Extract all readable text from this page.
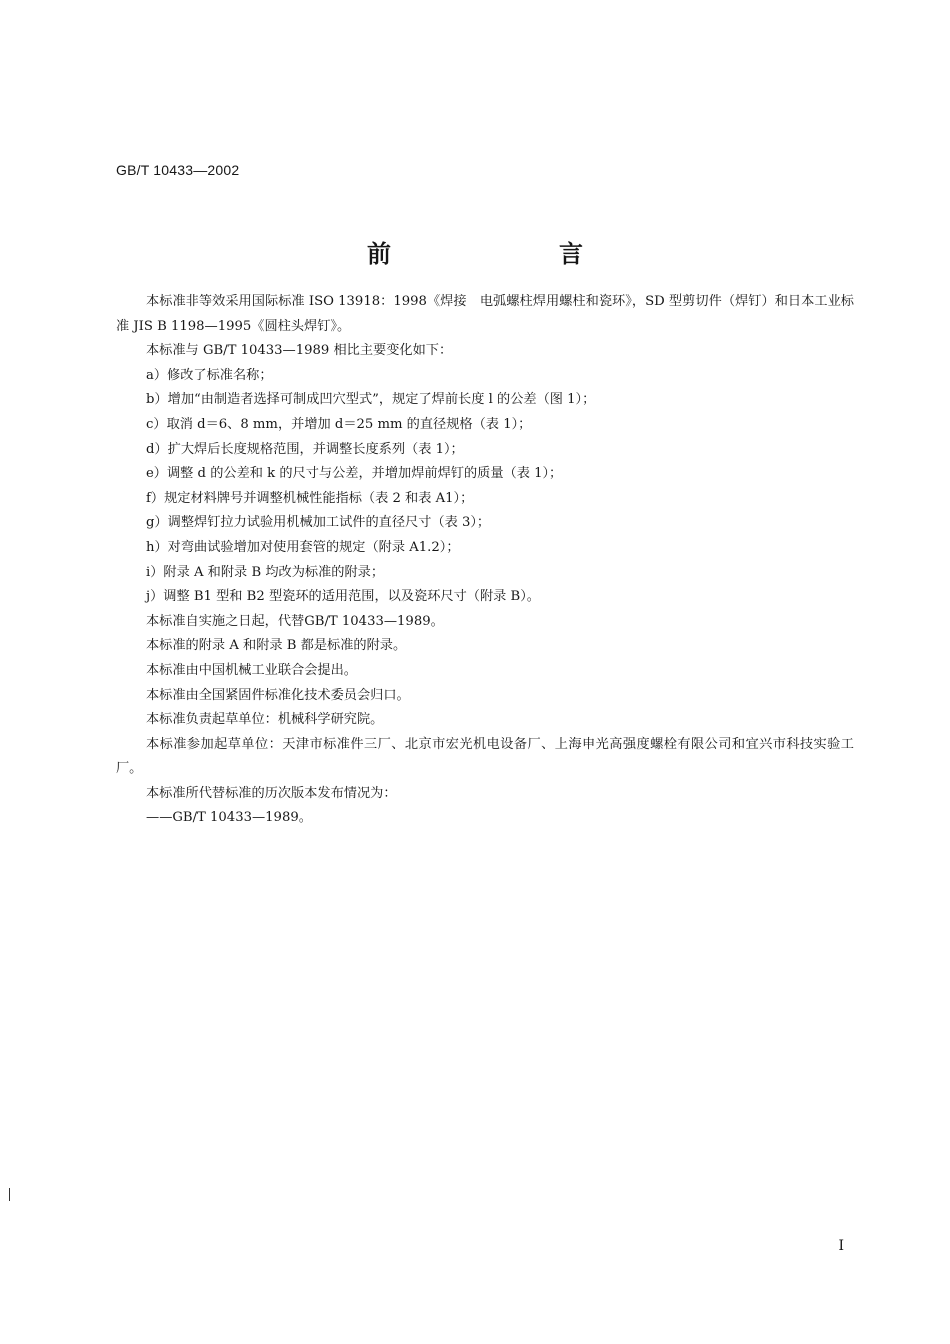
GB/T 10433—2002
前　言

本标准非等效采用国际标准 ISO 13918：1998《焊接　电弧螺柱焊用螺柱和瓷环》，SD 型剪切件（焊钉）和日本工业标准 JIS B 1198—1995《圆柱头焊钉》。

本标准与 GB/T 10433—1989 相比主要变化如下：

a）修改了标准名称；

b）增加“由制造者选择可制成凹穴型式”，规定了焊前长度 l 的公差（图 1）；

c）取消 d＝6、8 mm，并增加 d＝25 mm 的直径规格（表 1）；

d）扩大焊后长度规格范围，并调整长度系列（表 1）；

e）调整 d 的公差和 k 的尺寸与公差，并增加焊前焊钉的质量（表 1）；

f）规定材料牌号并调整机械性能指标（表 2 和表 A1）；

g）调整焊钉拉力试验用机械加工试件的直径尺寸（表 3）；

h）对弯曲试验增加对使用套管的规定（附录 A1.2）；

i）附录 A 和附录 B 均改为标准的附录；

j）调整 B1 型和 B2 型瓷环的适用范围，以及瓷环尺寸（附录 B）。

本标准自实施之日起，代替GB/T 10433—1989。

本标准的附录 A 和附录 B 都是标准的附录。

本标准由中国机械工业联合会提出。

本标准由全国紧固件标准化技术委员会归口。

本标准负责起草单位：机械科学研究院。

本标准参加起草单位：天津市标准件三厂、北京市宏光机电设备厂、上海申光高强度螺栓有限公司和宜兴市科技实验工厂。

本标准所代替标准的历次版本发布情况为：

——GB/T 10433—1989。

I
